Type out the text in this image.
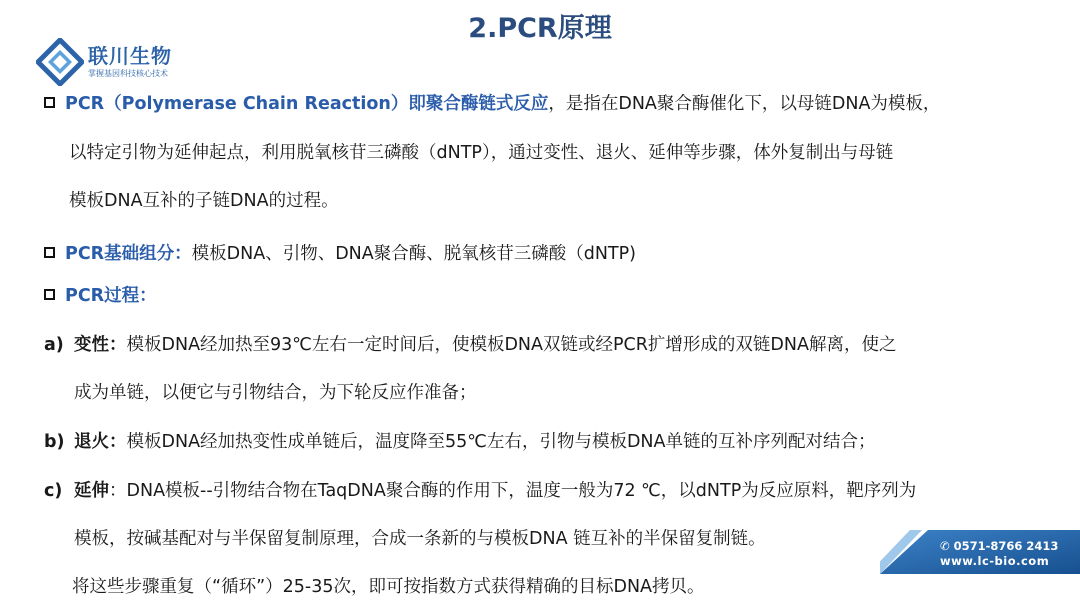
联川生物
掌握基因科技核心技术
2.PCR原理
PCR（Polymerase Chain Reaction）即聚合酶链式反应，是指在DNA聚合酶催化下，以母链DNA为模板，
以特定引物为延伸起点，利用脱氧核苷三磷酸（dNTP），通过变性、退火、延伸等步骤，体外复制出与母链
模板DNA互补的子链DNA的过程。
PCR基础组分：模板DNA、引物、DNA聚合酶、脱氧核苷三磷酸（dNTP)
PCR过程：
a) 变性：模板DNA经加热至93℃左右一定时间后，使模板DNA双链或经PCR扩增形成的双链DNA解离，使之
成为单链，以便它与引物结合，为下轮反应作准备；
b) 退火：模板DNA经加热变性成单链后，温度降至55℃左右，引物与模板DNA单链的互补序列配对结合；
c) 延伸：DNA模板--引物结合物在TaqDNA聚合酶的作用下，温度一般为72 ℃，以dNTP为反应原料，靶序列为
模板，按碱基配对与半保留复制原理，合成一条新的与模板DNA 链互补的半保留复制链。
将这些步骤重复（“循环”）25-35次，即可按指数方式获得精确的目标DNA拷贝。
✆ 0571-8766 2413
www.lc-bio.com
